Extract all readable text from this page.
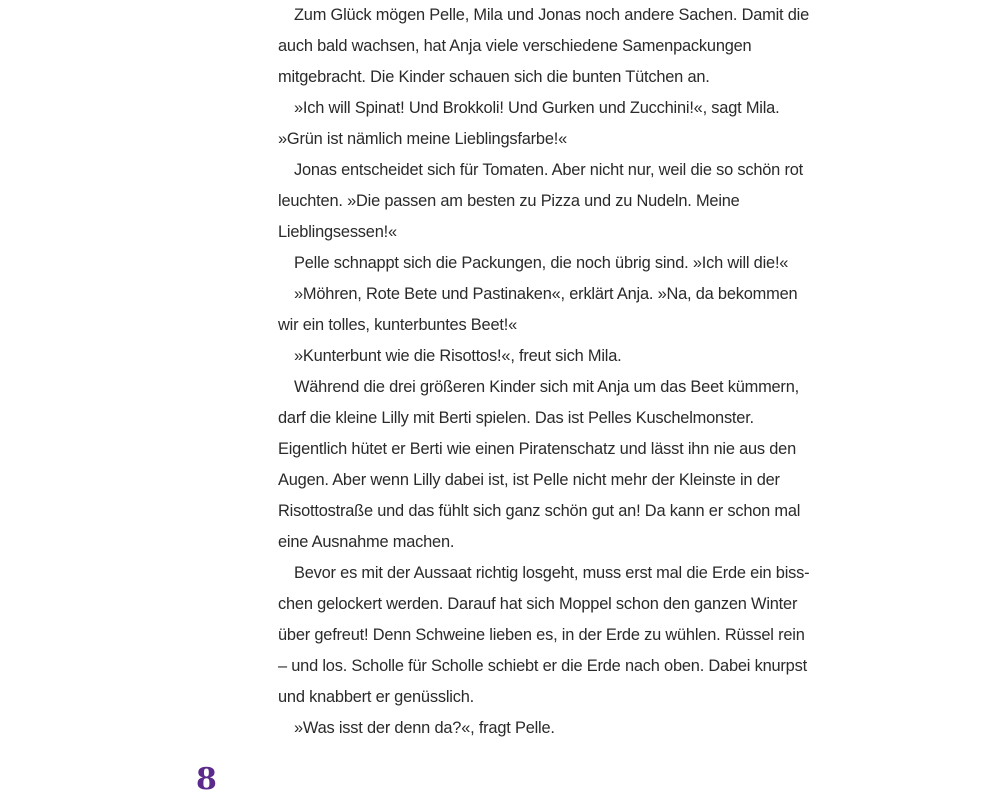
Zum Glück mögen Pelle, Mila und Jonas noch andere Sachen. Damit die auch bald wachsen, hat Anja viele verschiedene Samenpackungen mitgebracht. Die Kinder schauen sich die bunten Tütchen an.

»Ich will Spinat! Und Brokkoli! Und Gurken und Zucchini!«, sagt Mila. »Grün ist nämlich meine Lieblingsfarbe!«

Jonas entscheidet sich für Tomaten. Aber nicht nur, weil die so schön rot leuchten. »Die passen am besten zu Pizza und zu Nudeln. Meine Lieblingsessen!«

Pelle schnappt sich die Packungen, die noch übrig sind. »Ich will die!«

»Möhren, Rote Bete und Pastinaken«, erklärt Anja. »Na, da bekommen wir ein tolles, kunterbuntes Beet!«

»Kunterbunt wie die Risottos!«, freut sich Mila.

Während die drei größeren Kinder sich mit Anja um das Beet kümmern, darf die kleine Lilly mit Berti spielen. Das ist Pelles Kuschelmonster. Eigentlich hütet er Berti wie einen Piratenschatz und lässt ihn nie aus den Augen. Aber wenn Lilly dabei ist, ist Pelle nicht mehr der Kleinste in der Risottostraße und das fühlt sich ganz schön gut an! Da kann er schon mal eine Ausnahme machen.

Bevor es mit der Aussaat richtig losgeht, muss erst mal die Erde ein bisschen gelockert werden. Darauf hat sich Moppel schon den ganzen Winter über gefreut! Denn Schweine lieben es, in der Erde zu wühlen. Rüssel rein – und los. Scholle für Scholle schiebt er die Erde nach oben. Dabei knurpst und knabbert er genüsslich.

»Was isst der denn da?«, fragt Pelle.

8
